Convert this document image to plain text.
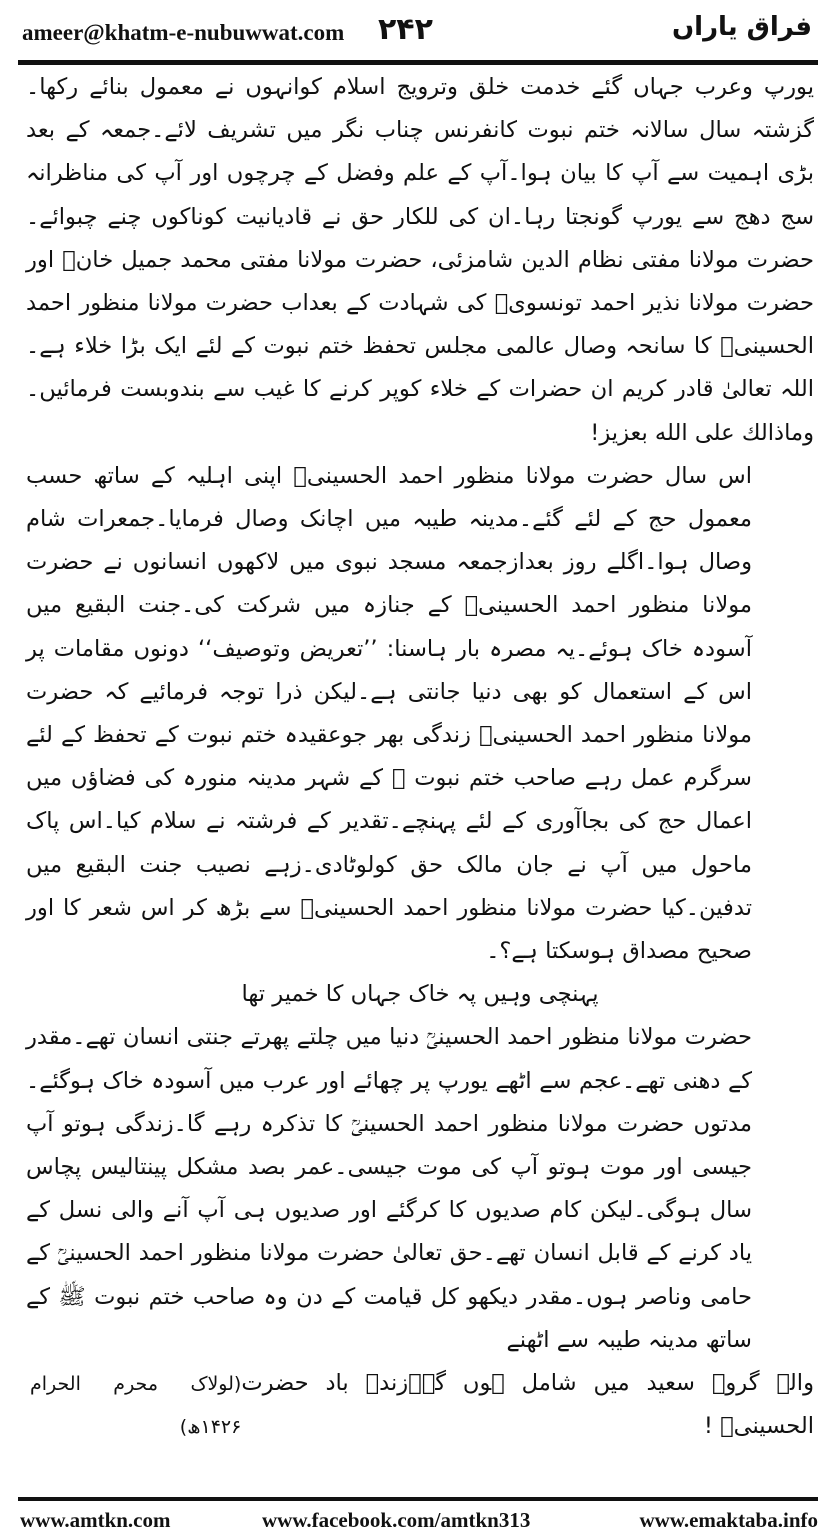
ameer@khatm-e-nubuwwat.com ۲۴۲	فراق یاراں

یورپ وعرب جہاں گئے خدمت خلق وترویج اسلام کوانہوں نے معمول بنائے رکھا۔گزشتہ سال سالانہ ختم نبوت کانفرنس چناب نگر میں تشریف لائے۔جمعہ کے بعد بڑی اہمیت سے آپ کا بیان ہوا۔آپ کے علم وفضل کے چرچوں اور آپ کی مناظرانہ سج دھج سے یورپ گونجتا رہا۔ان کی للکار حق نے قادیانیت کوناکوں چنے چبوائے۔حضرت مولانا مفتی نظام الدین شامزئی، حضرت مولانا مفتی محمد جمیل خانؒ اور حضرت مولانا نذیر احمد تونسویؒ کی شہادت کے بعداب حضرت مولانا منظور احمد الحسینیؒ کا سانحہ وصال عالمی مجلس تحفظ ختم نبوت کے لئے ایک بڑا خلاء ہے۔اللہ تعالیٰ قادر کریم ان حضرات کے خلاء کوپر کرنے کا غیب سے بندوبست فرمائیں۔وماذالك على الله بعزيز!

اس سال حضرت مولانا منظور احمد الحسینیؒ اپنی اہلیہ کے ساتھ حسب معمول حج کے لئے گئے۔مدینہ طیبہ میں اچانک وصال فرمایا۔جمعرات شام وصال ہوا۔اگلے روز بعدازجمعہ مسجد نبوی میں لاکھوں انسانوں نے حضرت مولانا منظور احمد الحسینیؒ کے جنازہ میں شرکت کی۔جنت البقیع میں آسودہ خاک ہوئے۔یہ مصرہ بار ہاسنا: ’’تعریض وتوصیف‘‘ دونوں مقامات پر اس کے استعمال کو بھی دنیا جانتی ہے۔لیکن ذرا توجہ فرمائیے کہ حضرت مولانا منظور احمد الحسینیؒ زندگی بھر جوعقیدہ ختم نبوت کے تحفظ کے لئے سرگرم عمل رہے صاحب ختم نبوت ﷺ کے شہر مدینہ منورہ کی فضاؤں میں اعمال حج کی بجاآوری کے لئے پہنچے۔تقدیر کے فرشتہ نے سلام کیا۔اس پاک ماحول میں آپ نے جان مالک حق کولوٹادی۔زہے نصیب جنت البقیع میں تدفین۔کیا حضرت مولانا منظور احمد الحسینیؒ سے بڑھ کر اس شعر کا اور صحیح مصداق ہوسکتا ہے؟۔

پہنچی وہیں پہ خاک جہاں کا خمیر تھا

حضرت مولانا منظور احمد الحسینیؒ دنیا میں چلتے پھرتے جنتی انسان تھے۔مقدر کے دھنی تھے۔عجم سے اٹھے یورپ پر چھائے اور عرب میں آسودہ خاک ہوگئے۔مدتوں حضرت مولانا منظور احمد الحسینیؒ کا تذکرہ رہے گا۔زندگی ہوتو آپ جیسی اور موت ہوتو آپ کی موت جیسی۔عمر بصد مشکل پینتالیس پچاس سال ہوگی۔لیکن کام صدیوں کا کرگئے اور صدیوں ہی آپ آنے والی نسل کے یاد کرنے کے قابل انسان تھے۔حق تعالیٰ حضرت مولانا منظور احمد الحسینیؒ کے حامی وناصر ہوں۔مقدر دیکھو کل قیامت کے دن وہ صاحب ختم نبوت ﷺ کے ساتھ مدینہ طیبہ سے اٹھنے

والے گروہ سعید میں شامل ہوں گے۔زندہ باد حضرت الحسینیؒ !
(لولاک محرم الحرام ۱۴۲۶ھ)
www.amtkn.com	www.facebook.com/amtkn313	www.emaktaba.info
